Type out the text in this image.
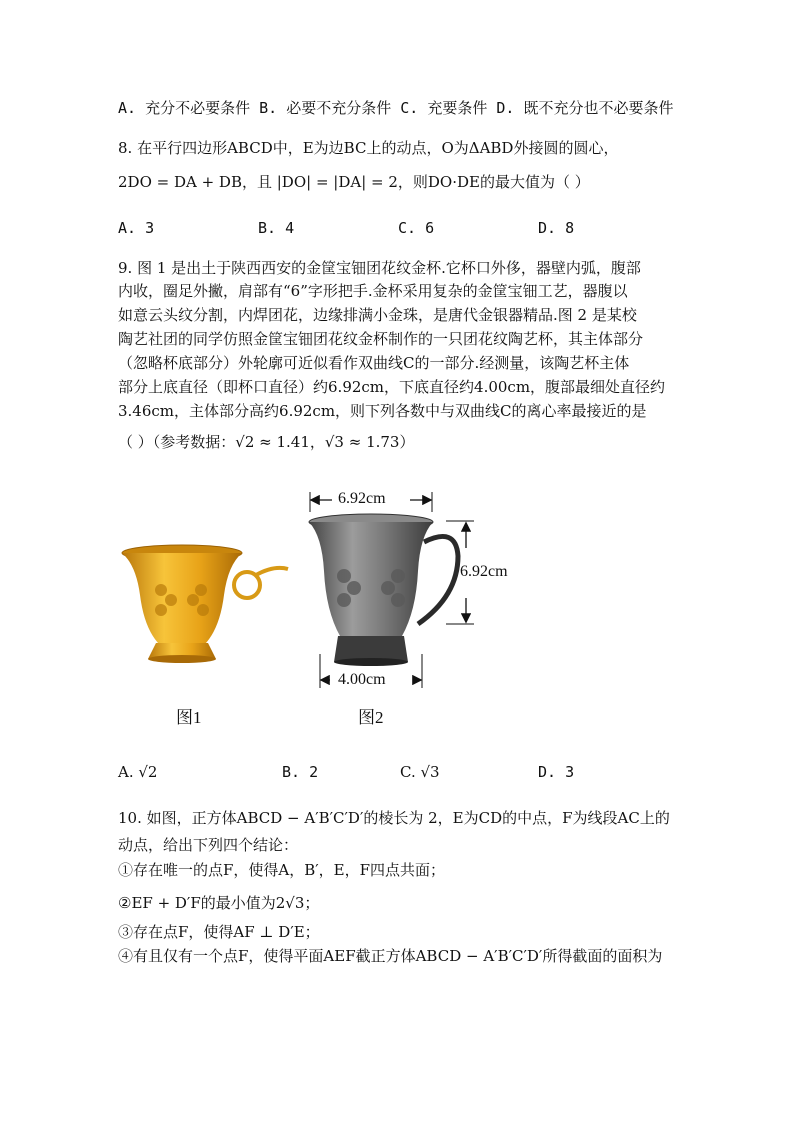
A. 充分不必要条件 B. 必要不充分条件 C. 充要条件 D. 既不充分也不必要条件
8. 在平行四边形ABCD中，E为边BC上的动点，O为ΔABD外接圆的圆心，
2DO = DA + DB，且 |DO| = |DA| = 2，则DO·DE的最大值为（ ）
A. 3	B. 4	C. 6	D. 8
9. 图 1 是出土于陕西西安的金筐宝钿团花纹金杯.它杯口外侈，器壁内弧，腹部
内收，圈足外撇，肩部有“6”字形把手.金杯采用复杂的金筐宝钿工艺，器腹以
如意云头纹分割，内焊团花，边缘排满小金珠，是唐代金银器精品.图 2 是某校
陶艺社团的同学仿照金筐宝钿团花纹金杯制作的一只团花纹陶艺杯，其主体部分
（忽略杯底部分）外轮廓可近似看作双曲线C的一部分.经测量，该陶艺杯主体
部分上底直径（即杯口直径）约6.92cm，下底直径约4.00cm，腹部最细处直径约
3.46cm，主体部分高约6.92cm，则下列各数中与双曲线C的离心率最接近的是
（ ）（参考数据：√2 ≈ 1.41，√3 ≈ 1.73）
图1
6.92cm
6.92cm
4.00cm
图2
A. √2	B. 2	C. √3	D. 3
10. 如图，正方体ABCD − A′B′C′D′的棱长为 2，E为CD的中点，F为线段AC上的
动点，给出下列四个结论：
①存在唯一的点F，使得A，B′，E，F四点共面；
②EF + D′F的最小值为2√3；
③存在点F，使得AF ⊥ D′E；
④有且仅有一个点F，使得平面AEF截正方体ABCD − A′B′C′D′所得截面的面积为
